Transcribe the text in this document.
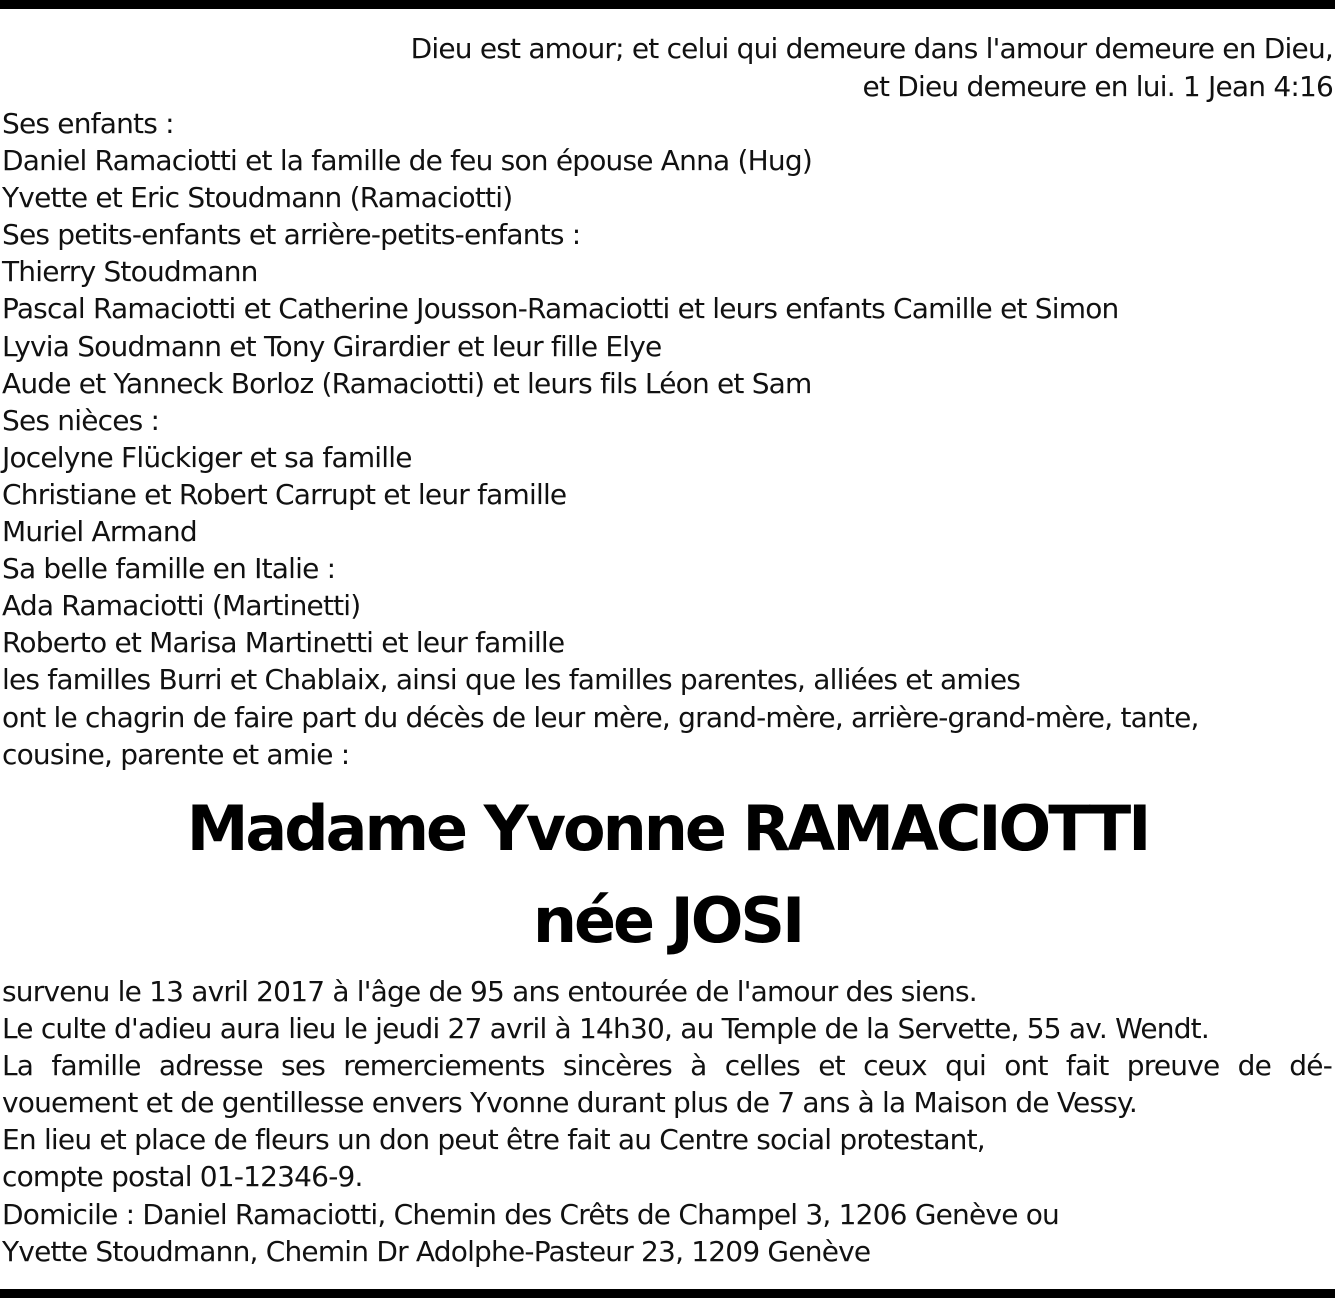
Dieu est amour; et celui qui demeure dans l'amour demeure en Dieu,
et Dieu demeure en lui. 1 Jean 4:16
Ses enfants :
Daniel Ramaciotti et la famille de feu son épouse Anna (Hug)
Yvette et Eric Stoudmann (Ramaciotti)
Ses petits-enfants et arrière-petits-enfants :
Thierry Stoudmann
Pascal Ramaciotti et Catherine Jousson-Ramaciotti et leurs enfants Camille et Simon
Lyvia Soudmann et Tony Girardier et leur fille Elye
Aude et Yanneck Borloz (Ramaciotti) et leurs fils Léon et Sam
Ses nièces :
Jocelyne Flückiger et sa famille
Christiane et Robert Carrupt et leur famille
Muriel Armand
Sa belle famille en Italie :
Ada Ramaciotti (Martinetti)
Roberto et Marisa Martinetti et leur famille
les familles Burri et Chablaix, ainsi que les familles parentes, alliées et amies
ont le chagrin de faire part du décès de leur mère, grand-mère, arrière-grand-mère, tante,
cousine, parente et amie :
Madame Yvonne RAMACIOTTI
née JOSI
survenu le 13 avril 2017 à l'âge de 95 ans entourée de l'amour des siens.
Le culte d'adieu aura lieu le jeudi 27 avril à 14h30, au Temple de la Servette, 55 av. Wendt.
La famille adresse ses remerciements sincères à celles et ceux qui ont fait preuve de dé-
vouement et de gentillesse envers Yvonne durant plus de 7 ans à la Maison de Vessy.
En lieu et place de fleurs un don peut être fait au Centre social protestant,
compte postal 01-12346-9.
Domicile : Daniel Ramaciotti, Chemin des Crêts de Champel 3, 1206 Genève ou
Yvette Stoudmann, Chemin Dr Adolphe-Pasteur 23, 1209 Genève
